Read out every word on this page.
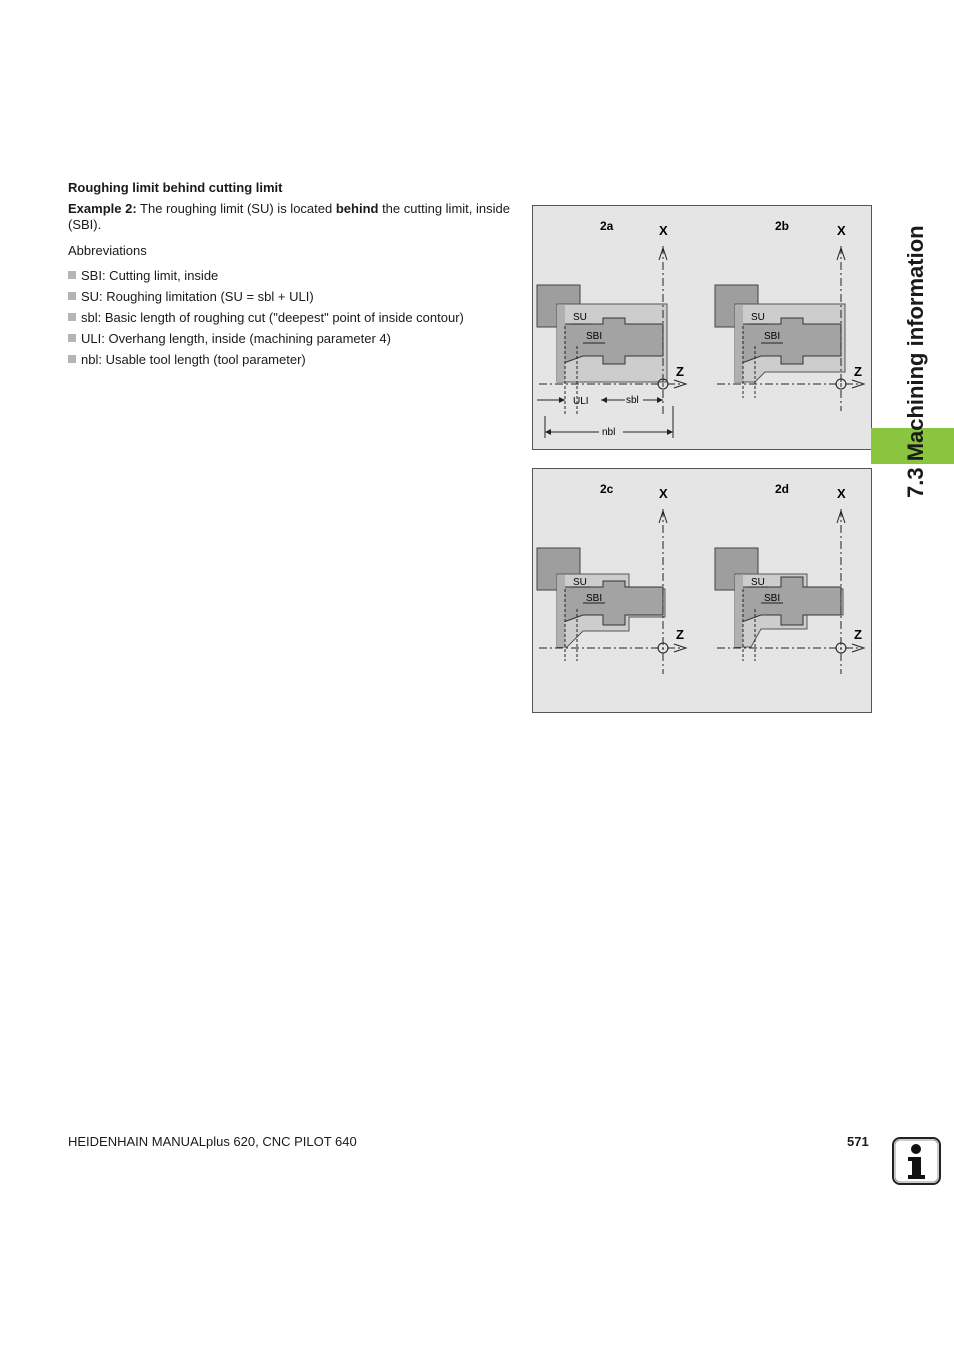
Roughing limit behind cutting limit
Example 2: The roughing limit (SU) is located behind the cutting limit, inside (SBI).
Abbreviations
SBI: Cutting limit, inside
SU: Roughing limitation (SU = sbl + ULI)
sbl: Basic length of roughing cut ("deepest" point of inside contour)
ULI: Overhang length, inside (machining parameter 4)
nbl: Usable tool length (tool parameter)
SU
SBI
2a	X
Z
ULI	sbl
nbl
SU
SBI
2b	X
Z
SU
SBI
2c	X
Z
SU
SBI
2d	X
Z
7.3 Machining information
HEIDENHAIN MANUALplus 620, CNC PILOT 640	571
